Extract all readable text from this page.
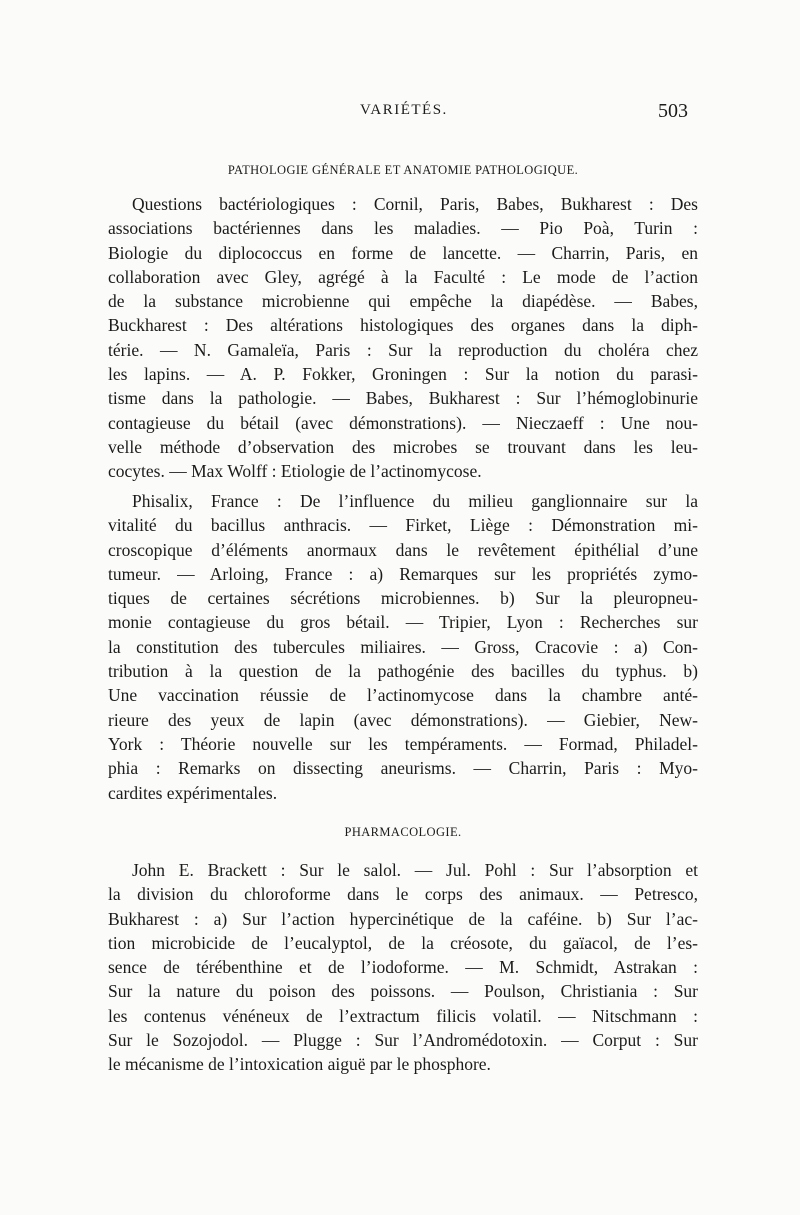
VARIÉTÉS.	503
PATHOLOGIE GÉNÉRALE ET ANATOMIE PATHOLOGIQUE.
Questions bactériologiques : Cornil, Paris, Babes, Bukharest : Des
associations bactériennes dans les maladies. — Pio Poà, Turin :
Biologie du diplococcus en forme de lancette. — Charrin, Paris, en
collaboration avec Gley, agrégé à la Faculté : Le mode de l’action
de la substance microbienne qui empêche la diapédèse. — Babes,
Buckharest : Des altérations histologiques des organes dans la diph-
térie. — N. Gamaleïa, Paris : Sur la reproduction du choléra chez
les lapins. — A. P. Fokker, Groningen : Sur la notion du parasi-
tisme dans la pathologie. — Babes, Bukharest : Sur l’hémoglobinurie
contagieuse du bétail (avec démonstrations). — Nieczaeff : Une nou-
velle méthode d’observation des microbes se trouvant dans les leu-
cocytes. — Max Wolff : Etiologie de l’actinomycose.
Phisalix, France : De l’influence du milieu ganglionnaire sur la
vitalité du bacillus anthracis. — Firket, Liège : Démonstration mi-
croscopique d’éléments anormaux dans le revêtement épithélial d’une
tumeur. — Arloing, France : a) Remarques sur les propriétés zymo-
tiques de certaines sécrétions microbiennes. b) Sur la pleuropneu-
monie contagieuse du gros bétail. — Tripier, Lyon : Recherches sur
la constitution des tubercules miliaires. — Gross, Cracovie : a) Con-
tribution à la question de la pathogénie des bacilles du typhus. b)
Une vaccination réussie de l’actinomycose dans la chambre anté-
rieure des yeux de lapin (avec démonstrations). — Giebier, New-
York : Théorie nouvelle sur les tempéraments. — Formad, Philadel-
phia : Remarks on dissecting aneurisms. — Charrin, Paris : Myo-
cardites expérimentales.
PHARMACOLOGIE.
John E. Brackett : Sur le salol. — Jul. Pohl : Sur l’absorption et
la division du chloroforme dans le corps des animaux. — Petresco,
Bukharest : a) Sur l’action hypercinétique de la caféine. b) Sur l’ac-
tion microbicide de l’eucalyptol, de la créosote, du gaïacol, de l’es-
sence de térébenthine et de l’iodoforme. — M. Schmidt, Astrakan :
Sur la nature du poison des poissons. — Poulson, Christiania : Sur
les contenus vénéneux de l’extractum filicis volatil. — Nitschmann :
Sur le Sozojodol. — Plugge : Sur l’Andromédotoxin. — Corput : Sur
le mécanisme de l’intoxication aiguë par le phosphore.
